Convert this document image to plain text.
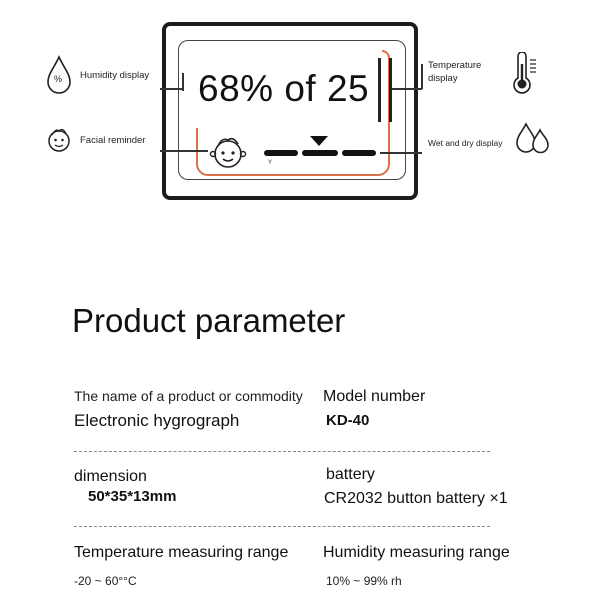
68% of 25
Y
% Humidity display
Facial reminder
Temperature
display
Wet and dry display
Product parameter
The name of a product or commodity
Electronic hygrograph
Model number
KD-40
dimension
50*35*13mm
battery
CR2032 button battery ×1
Temperature measuring range
-20 ~ 60°°C
Humidity measuring range
10% ~ 99% rh
